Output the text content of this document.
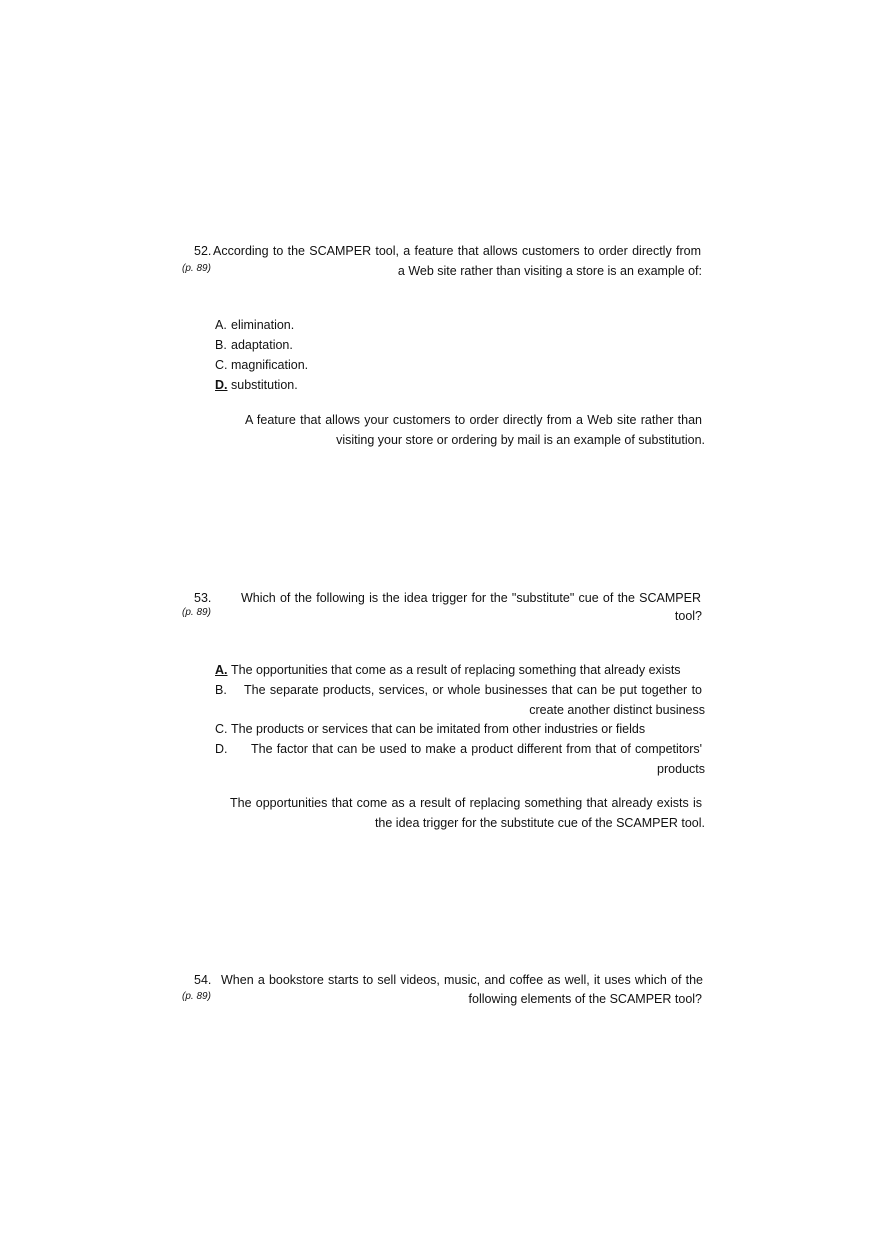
52.
(p. 89)
According to the SCAMPER tool, a feature that allows customers to order directly from
a Web site rather than visiting a store is an example of:
A. elimination.
B. adaptation.
C. magnification.
D. substitution.
A feature that allows your customers to order directly from a Web site rather than
visiting your store or ordering by mail is an example of substitution.
53.
(p. 89)
Which of the following is the idea trigger for the "substitute" cue of the SCAMPER
tool?
A. The opportunities that come as a result of replacing something that already exists
B. The separate products, services, or whole businesses that can be put together to
create another distinct business
C. The products or services that can be imitated from other industries or fields
D. The factor that can be used to make a product different from that of competitors'
products
The opportunities that come as a result of replacing something that already exists is
the idea trigger for the substitute cue of the SCAMPER tool.
54.
(p. 89)
When a bookstore starts to sell videos, music, and coffee as well, it uses which of the
following elements of the SCAMPER tool?
